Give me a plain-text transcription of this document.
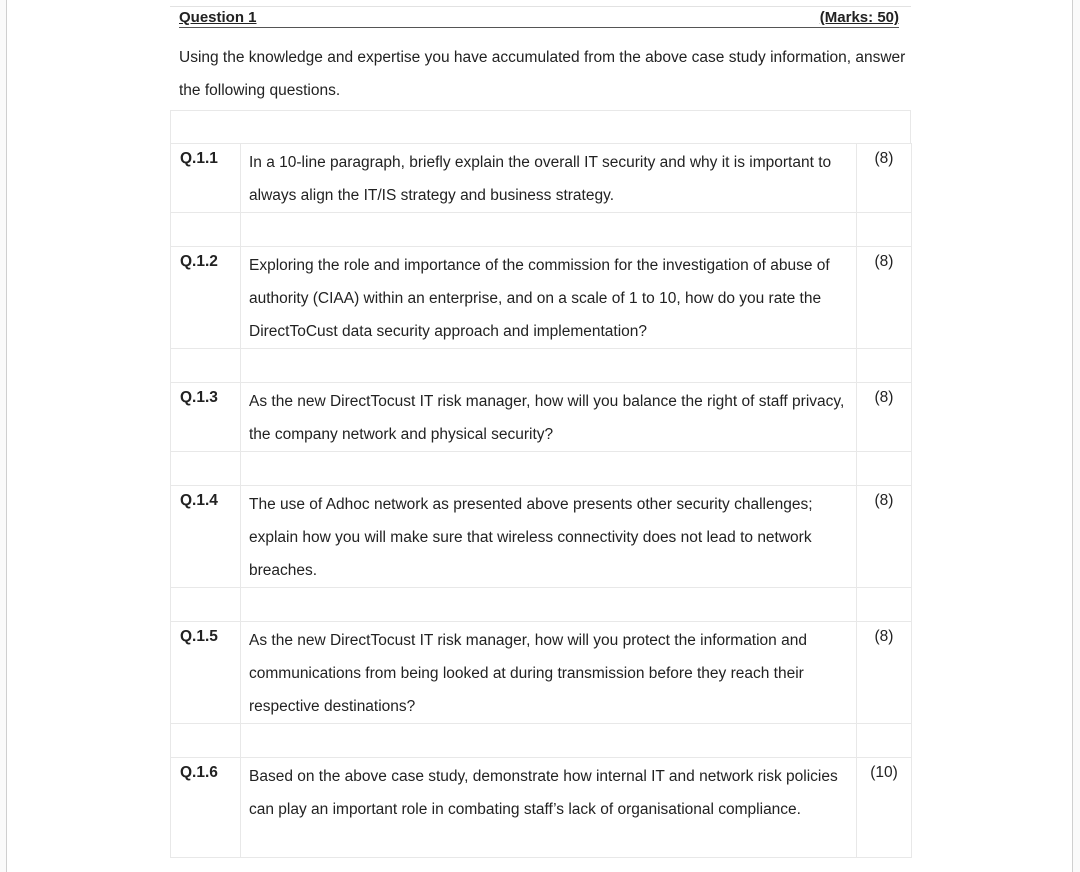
Question 1	(Marks: 50)
Using the knowledge and expertise you have accumulated from the above case study information, answer the following questions.
Q.1.1	In a 10-line paragraph, briefly explain the overall IT security and why it is important to always align the IT/IS strategy and business strategy.	(8)

Q.1.2	Exploring the role and importance of the commission for the investigation of abuse of authority (CIAA) within an enterprise, and on a scale of 1 to 10, how do you rate the DirectToCust data security approach and implementation?	(8)

Q.1.3	As the new DirectTocust IT risk manager, how will you balance the right of staff privacy, the company network and physical security?	(8)

Q.1.4	The use of Adhoc network as presented above presents other security challenges; explain how you will make sure that wireless connectivity does not lead to network breaches.	(8)

Q.1.5	As the new DirectTocust IT risk manager, how will you protect the information and communications from being looked at during transmission before they reach their respective destinations?	(8)

Q.1.6	Based on the above case study, demonstrate how internal IT and network risk policies can play an important role in combating staff’s lack of organisational compliance.	(10)
